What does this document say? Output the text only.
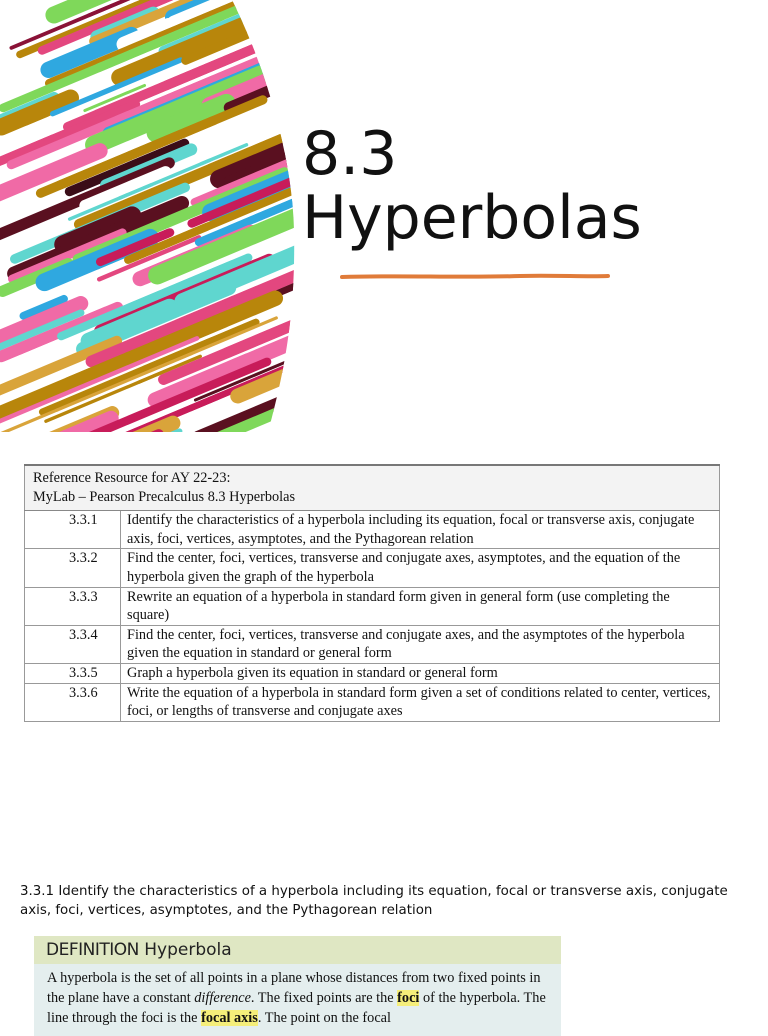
8.3
Hyperbolas
Reference Resource for AY 22-23:
MyLab – Pearson Precalculus 8.3 Hyperbolas	

3.3.1	Identify the characteristics of a hyperbola including its equation, focal or transverse axis, conjugate axis, foci, vertices, asymptotes, and the Pythagorean relation
3.3.2	Find the center, foci, vertices, transverse and conjugate axes, asymptotes, and the equation of the hyperbola given the graph of the hyperbola
3.3.3	Rewrite an equation of a hyperbola in standard form given in general form (use completing the square)
3.3.4	Find the center, foci, vertices, transverse and conjugate axes, and the asymptotes of the hyperbola given the equation in standard or general form
3.3.5	Graph a hyperbola given its equation in standard or general form
3.3.6	Write the equation of a hyperbola in standard form given a set of conditions related to center, vertices, foci, or lengths of transverse and conjugate axes

3.3.1 Identify the characteristics of a hyperbola including its equation, focal or transverse axis, conjugate axis, foci, vertices, asymptotes, and the Pythagorean relation

DEFINITION Hyperbola
A hyperbola is the set of all points in a plane whose distances from two fixed points in the plane have a constant difference. The fixed points are the foci of the hyperbola. The line through the foci is the focal axis. The point on the focal
